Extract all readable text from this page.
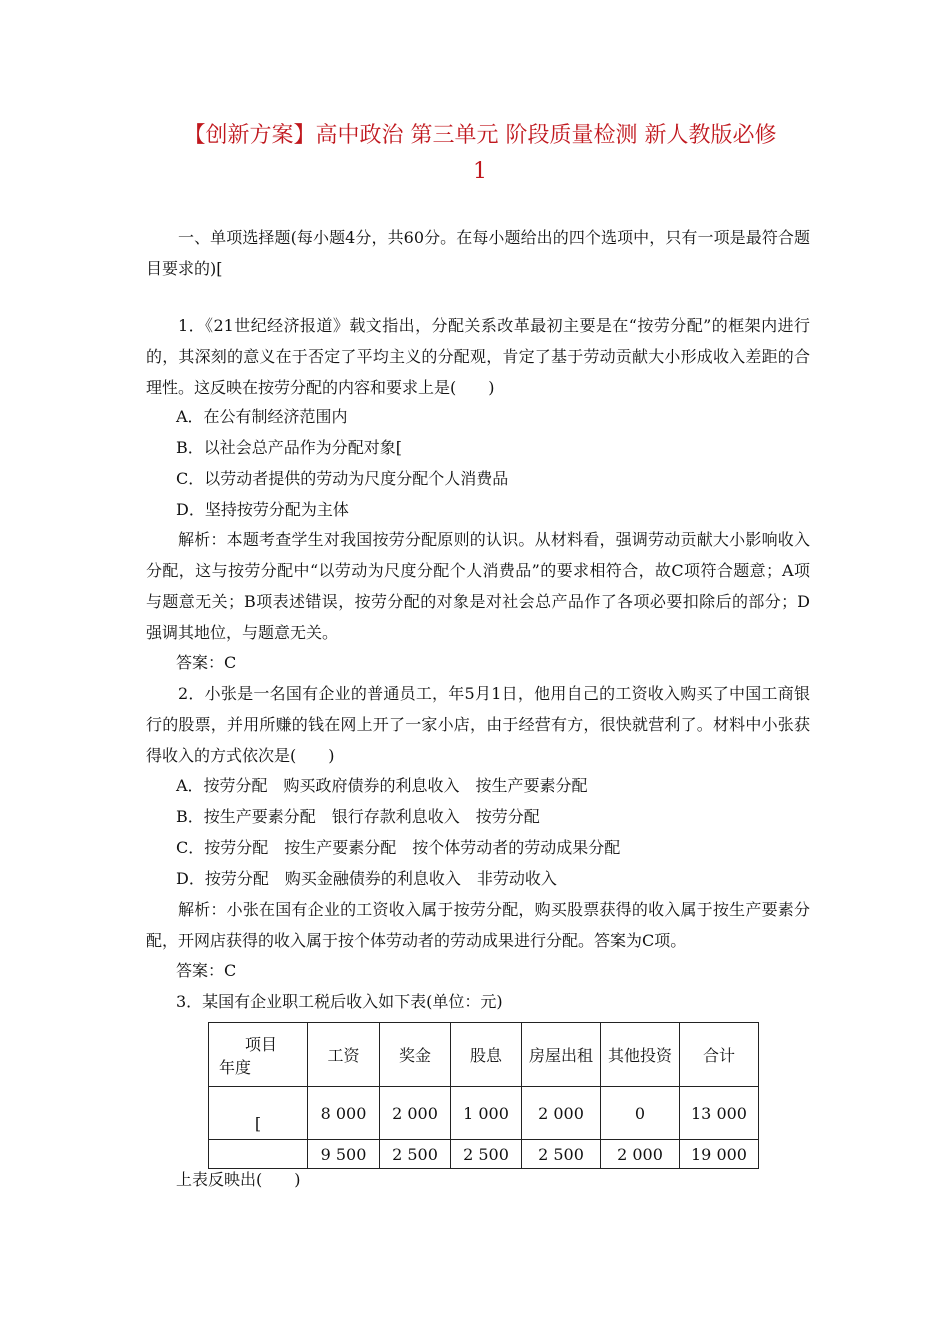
【创新方案】高中政治 第三单元 阶段质量检测 新人教版必修
1

一、单项选择题(每小题4分，共60分。在每小题给出的四个选项中，只有一项是最符合题目要求的)[

1．《21世纪经济报道》载文指出，分配关系改革最初主要是在“按劳分配”的框架内进行的，其深刻的意义在于否定了平均主义的分配观，肯定了基于劳动贡献大小形成收入差距的合理性。这反映在按劳分配的内容和要求上是(　　)

A．在公有制经济范围内

B．以社会总产品作为分配对象[

C．以劳动者提供的劳动为尺度分配个人消费品

D．坚持按劳分配为主体

解析：本题考查学生对我国按劳分配原则的认识。从材料看，强调劳动贡献大小影响收入分配，这与按劳分配中“以劳动为尺度分配个人消费品”的要求相符合，故C项符合题意；A项与题意无关；B项表述错误，按劳分配的对象是对社会总产品作了各项必要扣除后的部分；D强调其地位，与题意无关。

答案：C

2．小张是一名国有企业的普通员工，年5月1日，他用自己的工资收入购买了中国工商银行的股票，并用所赚的钱在网上开了一家小店，由于经营有方，很快就营利了。材料中小张获得收入的方式依次是(　　)

A．按劳分配　购买政府债券的利息收入　按生产要素分配

B．按生产要素分配　银行存款利息收入　按劳分配

C．按劳分配　按生产要素分配　按个体劳动者的劳动成果分配

D．按劳分配　购买金融债券的利息收入　非劳动收入

解析：小张在国有企业的工资收入属于按劳分配，购买股票获得的收入属于按生产要素分配，开网店获得的收入属于按个体劳动者的劳动成果进行分配。答案为C项。

答案：C

3．某国有企业职工税后收入如下表(单位：元)

项目
年度	工资	奖金	股息	房屋出租	其他投资	合计
[	8 000	2 000	1 000	2 000	0	13 000
	9 500	2 500	2 500	2 500	2 000	19 000

上表反映出(　　)
